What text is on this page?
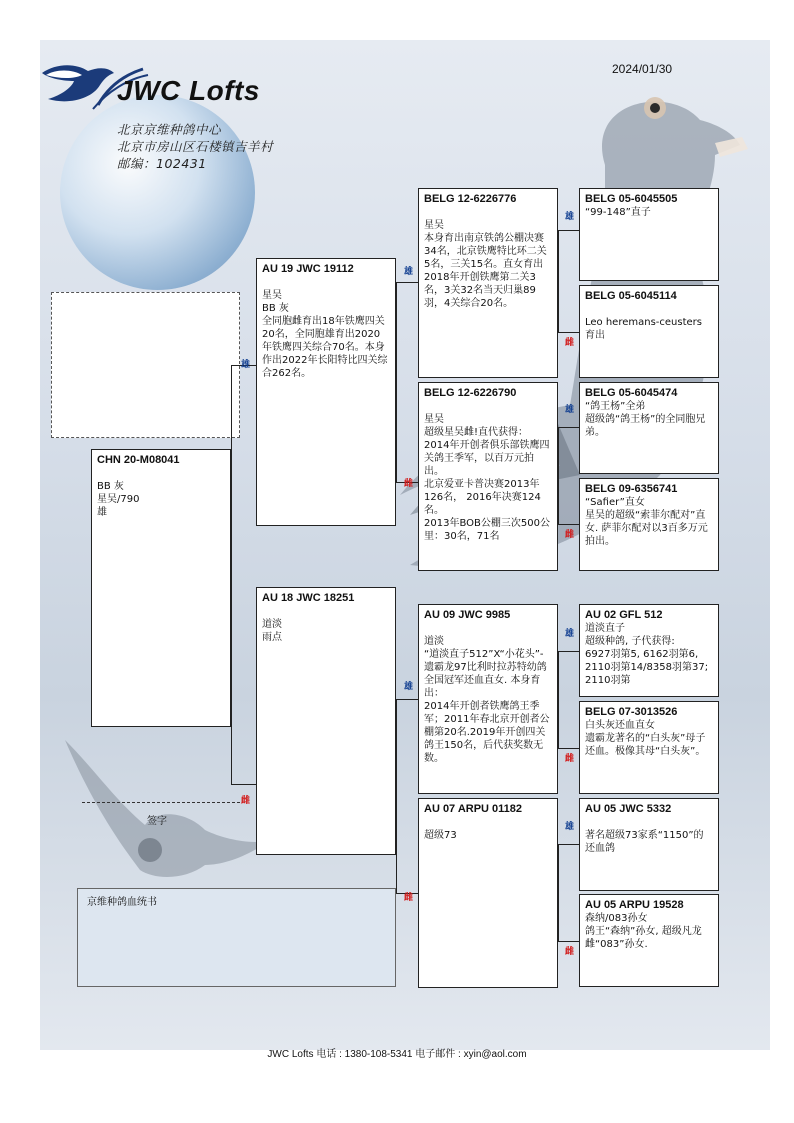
JWC Lofts
北京京维种鸽中心
北京市房山区石楼镇吉羊村
邮编：102431
2024/01/30
雄
雌
雄
雌
雄
雌
雄
雌
雄
雌
雄
雌
雄
雌
CHN 20-M08041
BB 灰
星吴/790
雄
AU 19 JWC 19112
星吴
BB 灰
全同胞雌育出18年铁鹰四关20名，全同胞雄育出2020年铁鹰四关综合70名。本身作出2022年长阳特比四关综合262名。
AU 18 JWC 18251
道淡
雨点
BELG 12-6226776
星吴
本身育出南京铁鸽公棚决赛34名，北京铁鹰特比环二关5名，三关15名。直女育出2018年开创铁鹰第二关3名，3关32名当天归巢89羽，4关综合20名。
BELG 12-6226790
星吴
超级星吴雌!直代获得：2014年开创者俱乐部铁鹰四关鸽王季军，以百万元拍出。
北京爱亚卡普决赛2013年126名， 2016年决赛124名。
2013年BOB公棚三次500公里：30名，71名
AU 09 JWC 9985
道淡
“道淡直子512”X“小花头”-遗霸龙97比利时拉苏特幼鸽全国冠军还血直女. 本身育出：
2014年开创者铁鹰鸽王季军；2011年春北京开创者公棚第20名.2019年开创四关鸽王150名，后代获奖数无数。
AU 07 ARPU 01182
超级73
BELG 05-6045505
“99-148”直子
BELG 05-6045114
Leo heremans-ceusters 育出
BELG 05-6045474
“鸽王杨”全弟
超级鸽“鸽王杨”的全同胞兄弟。
BELG 09-6356741
“Safier”直女
星吴的超级“索菲尔配对”直女. 萨菲尔配对以3百多万元拍出。
AU 02 GFL 512
道淡直子
超级种鸽, 子代获得:
6927羽第5, 6162羽第6, 2110羽第14/8358羽第37; 2110羽第
BELG 07-3013526
白头灰还血直女
遗霸龙著名的“白头灰”母子还血。极像其母“白头灰”。
AU 05 JWC 5332
著名超级73家系“1150”的还血鸽
AU 05 ARPU 19528
森纳/083孙女
鸽王“森纳”孙女, 超级凡龙雌“083”孙女.
签字
京维种鸽血统书
JWC Lofts 电话 : 1380-108-5341 电子邮件 : xyin@aol.com
